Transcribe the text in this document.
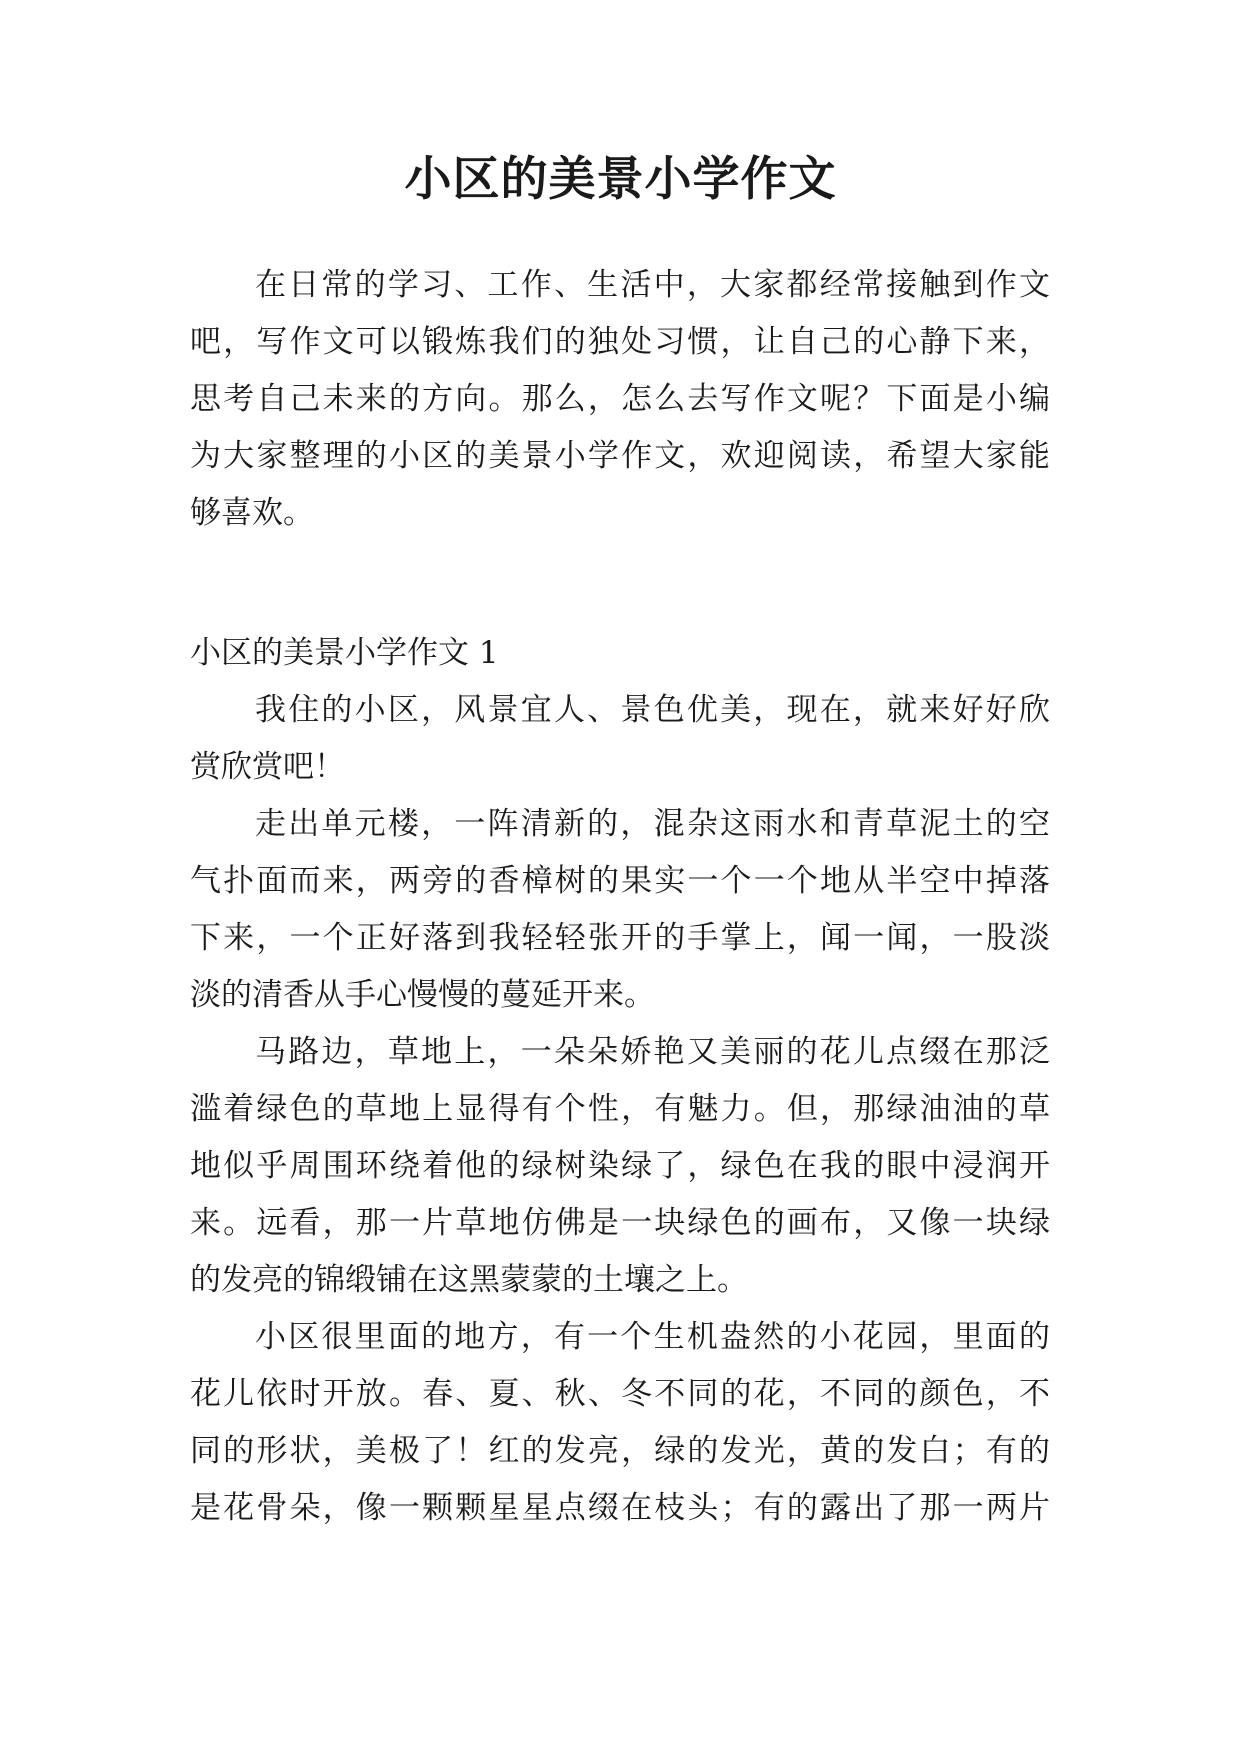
小区的美景小学作文
在日常的学习、工作、生活中，大家都经常接触到作文
吧，写作文可以锻炼我们的独处习惯，让自己的心静下来，
思考自己未来的方向。那么，怎么去写作文呢？下面是小编
为大家整理的小区的美景小学作文，欢迎阅读，希望大家能
够喜欢。
小区的美景小学作文 1
我住的小区，风景宜人、景色优美，现在，就来好好欣
赏欣赏吧！
走出单元楼，一阵清新的，混杂这雨水和青草泥土的空
气扑面而来，两旁的香樟树的果实一个一个地从半空中掉落
下来，一个正好落到我轻轻张开的手掌上，闻一闻，一股淡
淡的清香从手心慢慢的蔓延开来。
马路边，草地上，一朵朵娇艳又美丽的花儿点缀在那泛
滥着绿色的草地上显得有个性，有魅力。但，那绿油油的草
地似乎周围环绕着他的绿树染绿了，绿色在我的眼中浸润开
来。远看，那一片草地仿佛是一块绿色的画布，又像一块绿
的发亮的锦缎铺在这黑蒙蒙的土壤之上。
小区很里面的地方，有一个生机盎然的小花园，里面的
花儿依时开放。春、夏、秋、冬不同的花，不同的颜色，不
同的形状，美极了！红的发亮，绿的发光，黄的发白；有的
是花骨朵，像一颗颗星星点缀在枝头；有的露出了那一两片
